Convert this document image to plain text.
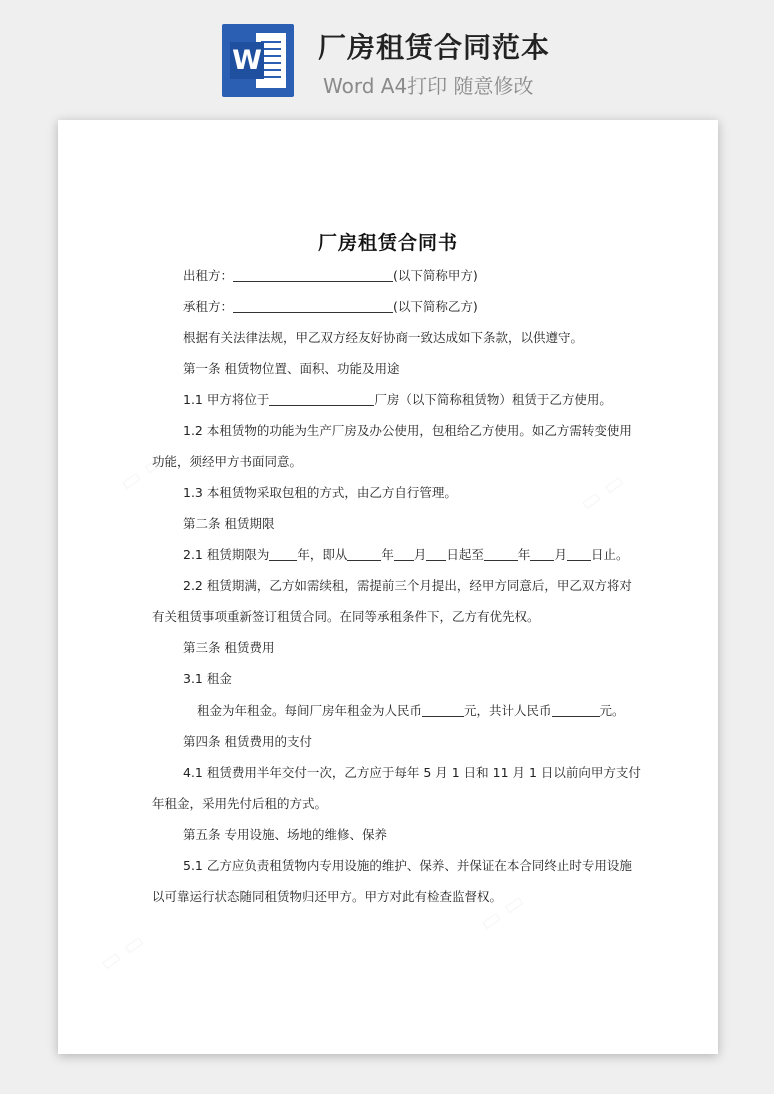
W 厂房租赁合同范本
Word A4打印 随意修改
厂房租赁合同书
出租方：	(以下简称甲方)
承租方：	(以下简称乙方)
根据有关法律法规，甲乙双方经友好协商一致达成如下条款，以供遵守。
第一条 租赁物位置、面积、功能及用途
1.1 甲方将位于	厂房（以下简称租赁物）租赁于乙方使用。
1.2 本租赁物的功能为生产厂房及办公使用，包租给乙方使用。如乙方需转变使用
功能，须经甲方书面同意。
1.3 本租赁物采取包租的方式，由乙方自行管理。
第二条 租赁期限
2.1 租赁期限为 年，即从	年 月 日起至	年 月 日止。
2.2 租赁期满，乙方如需续租，需提前三个月提出，经甲方同意后，甲乙双方将对
有关租赁事项重新签订租赁合同。在同等承租条件下，乙方有优先权。
第三条 租赁费用
3.1 租金
租金为年租金。每间厂房年租金为人民币	元，共计人民币	元。
第四条 租赁费用的支付
4.1 租赁费用半年交付一次，乙方应于每年 5 月 1 日和 11 月 1 日以前向甲方支付
年租金，采用先付后租的方式。
第五条 专用设施、场地的维修、保养
5.1 乙方应负责租赁物内专用设施的维护、保养、并保证在本合同终止时专用设施
以可靠运行状态随同租赁物归还甲方。甲方对此有检查监督权。
